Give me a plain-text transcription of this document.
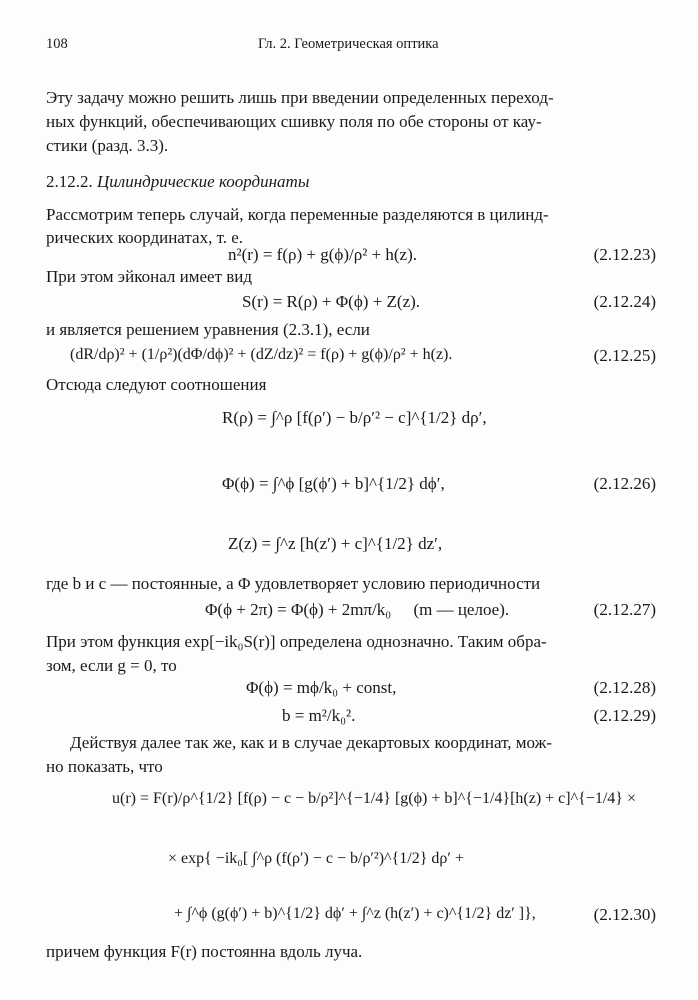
108	Гл. 2. Геометрическая оптика
Эту задачу можно решить лишь при введении определенных переход-
ных функций, обеспечивающих сшивку поля по обе стороны от кау-
стики (разд. 3.3).
2.12.2. Цилиндрические координаты
Рассмотрим теперь случай, когда переменные разделяются в цилинд-
рических координатах, т. е.
n²(r) = f(ρ) + g(ϕ)/ρ² + h(z).	(2.12.23)
При этом эйконал имеет вид
S(r) = R(ρ) + Φ(ϕ) + Z(z).	(2.12.24)
и является решением уравнения (2.3.1), если
(dR/dρ)² + (1/ρ²)(dΦ/dϕ)² + (dZ/dz)² = f(ρ) + g(ϕ)/ρ² + h(z).	(2.12.25)
Отсюда следуют соотношения
R(ρ) = ∫^ρ [f(ρ′) − b/ρ′² − c]^{1/2} dρ′,
Φ(ϕ) = ∫^ϕ [g(ϕ′) + b]^{1/2} dϕ′,	(2.12.26)
Z(z) = ∫^z [h(z′) + c]^{1/2} dz′,
где b и c — постоянные, а Φ удовлетворяет условию периодичности
Φ(ϕ + 2π) = Φ(ϕ) + 2mπ/k₀ (m — целое).	(2.12.27)
При этом функция exp[−ik₀S(r)] определена однозначно. Таким обра-
зом, если g = 0, то
Φ(ϕ) = mϕ/k₀ + const,	(2.12.28)
b = m²/k₀².	(2.12.29)
Действуя далее так же, как и в случае декартовых координат, мож-
но показать, что
u(r) = F(r)/ρ^{1/2} [f(ρ) − c − b/ρ²]^{−1/4} [g(ϕ) + b]^{−1/4}[h(z) + c]^{−1/4} ×
× exp{ −ik₀[ ∫^ρ (f(ρ′) − c − b/ρ′²)^{1/2} dρ′ +
+ ∫^ϕ (g(ϕ′) + b)^{1/2} dϕ′ + ∫^z (h(z′) + c)^{1/2} dz′ ]},	(2.12.30)
причем функция F(r) постоянна вдоль луча.
